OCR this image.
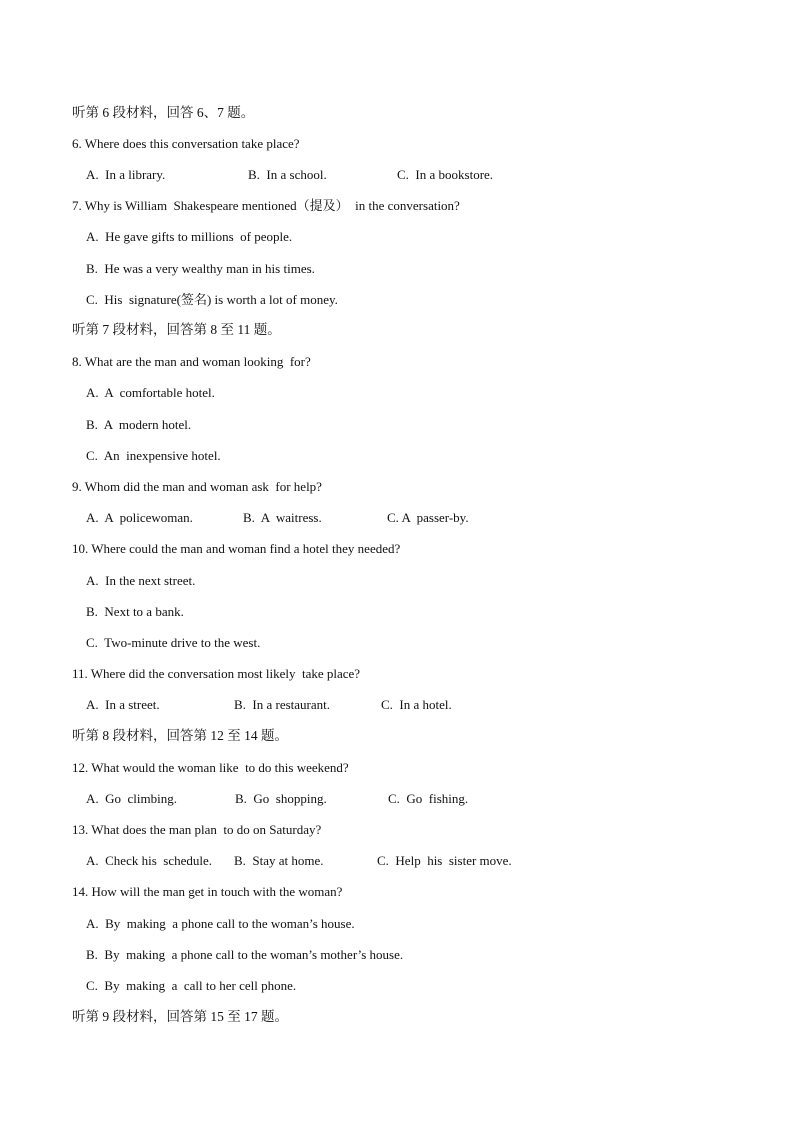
听第 6 段材料，回答 6、7 题。
6. Where does this conversation take place?
A.  In a library.	B.  In a school.	C.  In a bookstore.
7. Why is William  Shakespeare mentioned（提及）  in the conversation?
A.  He gave gifts to millions  of people.
B.  He was a very wealthy man in his times.
C.  His  signature(签名) is worth a lot of money.
听第 7 段材料，回答第 8 至 11 题。
8. What are the man and woman looking  for?
A.  A  comfortable hotel.
B.  A  modern hotel.
C.  An  inexpensive hotel.
9. Whom did the man and woman ask  for help?
A.  A  policewoman.	B.  A  waitress.	C. A  passer-by.
10. Where could the man and woman find a hotel they needed?
A.  In the next street.
B.  Next to a bank.
C.  Two-minute drive to the west.
11. Where did the conversation most likely  take place?
A.  In a street.	B.  In a restaurant.	C.  In a hotel.
听第 8 段材料，回答第 12 至 14 题。
12. What would the woman like  to do this weekend?
A.  Go  climbing.	B.  Go  shopping.	C.  Go  fishing.
13. What does the man plan  to do on Saturday?
A.  Check his  schedule. B.  Stay at home.	C.  Help  his  sister move.
14. How will the man get in touch with the woman?
A.  By  making  a phone call to the woman’s house.
B.  By  making  a phone call to the woman’s mother’s house.
C.  By  making  a  call to her cell phone.
听第 9 段材料，回答第 15 至 17 题。
